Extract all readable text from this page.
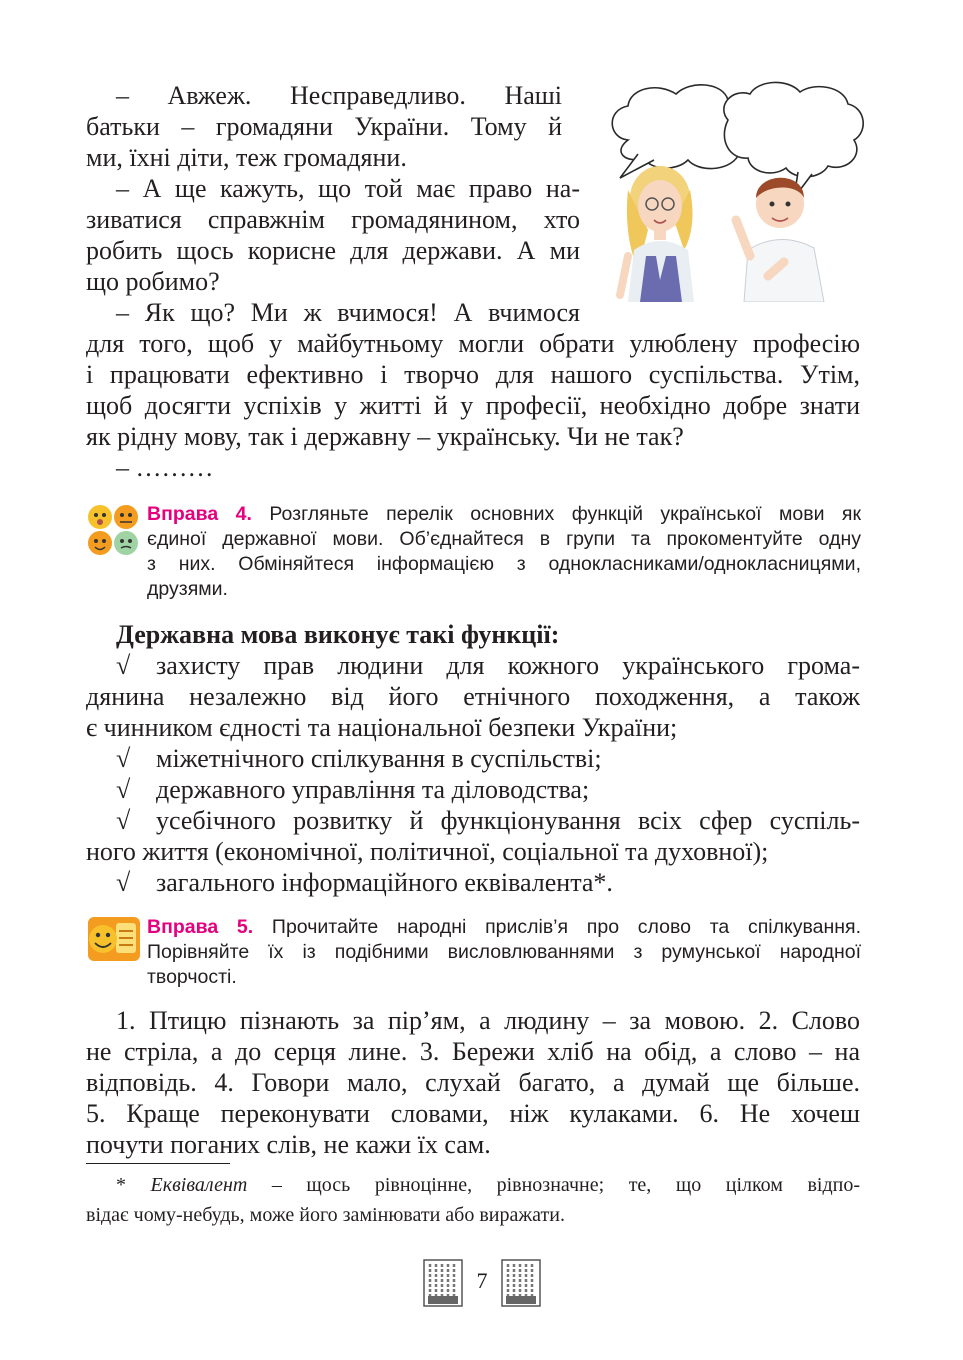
– Авжеж. Несправедливо. Наші

батьки – громадяни України. Тому й

ми, їхні діти, теж громадяни.

– А ще кажуть, що той має право на-

зиватися справжнім громадянином, хто

робить щось корисне для держави. А ми

що робимо?

– Як що? Ми ж вчимося! А вчимося

для того, щоб у майбутньому могли обрати улюблену професію

і працювати ефективно і творчо для нашого суспільства. Утім,

щоб досягти успіхів у житті й у професії, необхідно добре знати

як рідну мову, так і державну – українську. Чи не так?

– ………

Вправа 4. Розгляньте перелік основних функцій української мови як
єдиної державної мови. Об’єднайтеся в групи та прокоментуйте одну
з них. Обміняйтеся інформацією з однокласниками/однокласницями,
друзями.

Державна мова виконує такі функції:

√ захисту прав людини для кожного українського грома-

дянина незалежно від його етнічного походження, а також

є чинником єдності та національної безпеки України;

√ міжетнічного спілкування в суспільстві;

√ державного управління та діловодства;

√ усебічного розвитку й функціонування всіх сфер суспіль-

ного життя (економічної, політичної, соціальної та духовної);

√ загального інформаційного еквівалента*.

Вправа 5. Прочитайте народні прислів’я про слово та спілкування.
Порівняйте їх із подібними висловлюваннями з румунської народної
творчості.

1. Птицю пізнають за пір’ям, а людину – за мовою. 2. Слово

не стріла, а до серця лине. 3. Бережи хліб на обід, а слово – на

відповідь. 4. Говори мало, слухай багато, а думай ще більше.

5. Краще переконувати словами, ніж кулаками. 6. Не хочеш

почути поганих слів, не кажи їх сам.

* Еквівалент – щось рівноцінне, рівнозначне; те, що цілком відпо-

відає чому-небудь, може його замінювати або виражати.

7
